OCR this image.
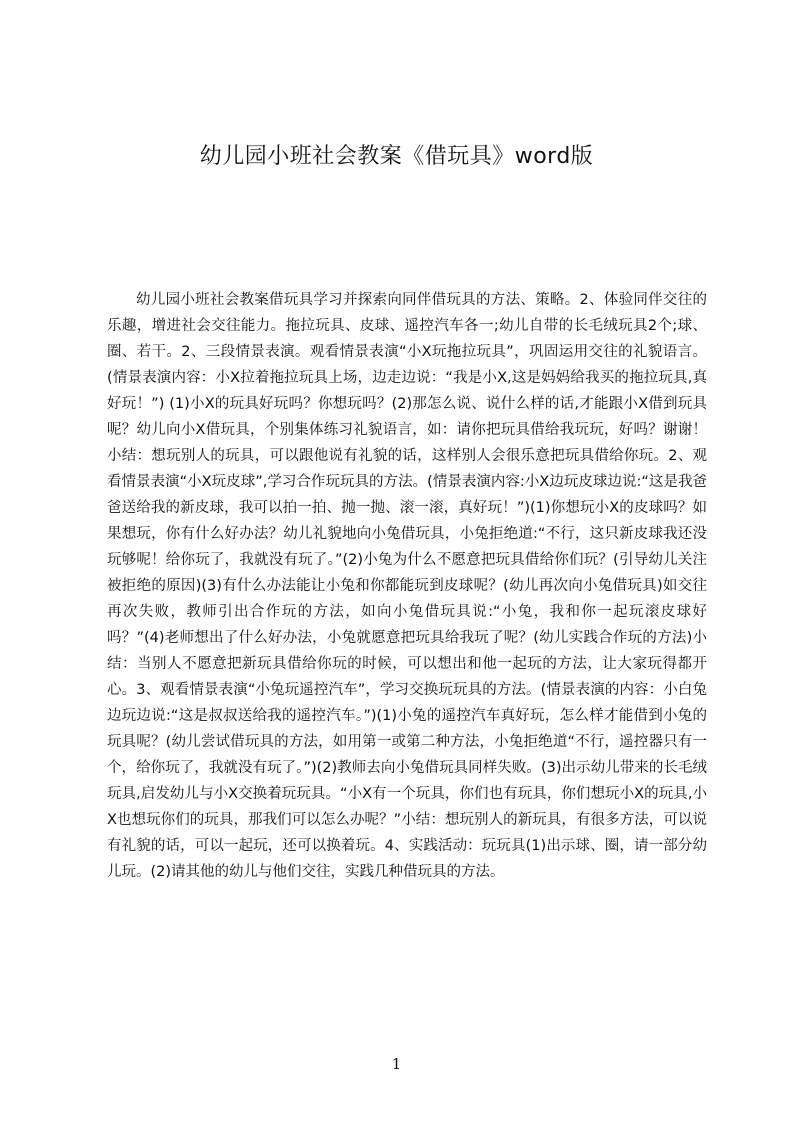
幼儿园小班社会教案《借玩具》word版
幼儿园小班社会教案借玩具学习并探索向同伴借玩具的方法、策略。2、体验同伴交往的乐趣，增进社会交往能力。拖拉玩具、皮球、遥控汽车各一;幼儿自带的长毛绒玩具2个;球、圈、若干。2、三段情景表演。观看情景表演“小X玩拖拉玩具”，巩固运用交往的礼貌语言。(情景表演内容：小X拉着拖拉玩具上场，边走边说：“我是小X,这是妈妈给我买的拖拉玩具,真好玩！”) (1)小X的玩具好玩吗？你想玩吗？(2)那怎么说、说什么样的话,才能跟小X借到玩具呢？幼儿向小X借玩具，个别集体练习礼貌语言，如：请你把玩具借给我玩玩，好吗？谢谢！小结：想玩别人的玩具，可以跟他说有礼貌的话，这样别人会很乐意把玩具借给你玩。2、观看情景表演“小X玩皮球”,学习合作玩玩具的方法。(情景表演内容:小X边玩皮球边说:“这是我爸爸送给我的新皮球，我可以拍一拍、抛一抛、滚一滚，真好玩！”)(1)你想玩小X的皮球吗？如果想玩，你有什么好办法？幼儿礼貌地向小兔借玩具，小兔拒绝道:“不行，这只新皮球我还没玩够呢！给你玩了，我就没有玩了。”(2)小兔为什么不愿意把玩具借给你们玩？(引导幼儿关注被拒绝的原因)(3)有什么办法能让小兔和你都能玩到皮球呢？(幼儿再次向小兔借玩具)如交往再次失败，教师引出合作玩的方法，如向小兔借玩具说:“小兔，我和你一起玩滚皮球好吗？”(4)老师想出了什么好办法，小兔就愿意把玩具给我玩了呢？(幼儿实践合作玩的方法)小结：当别人不愿意把新玩具借给你玩的时候，可以想出和他一起玩的方法，让大家玩得都开心。3、观看情景表演“小兔玩遥控汽车”，学习交换玩玩具的方法。(情景表演的内容：小白兔边玩边说:“这是叔叔送给我的遥控汽车。”)(1)小兔的遥控汽车真好玩，怎么样才能借到小兔的玩具呢？(幼儿尝试借玩具的方法，如用第一或第二种方法，小兔拒绝道“不行，遥控器只有一个，给你玩了，我就没有玩了。”)(2)教师去向小兔借玩具同样失败。(3)出示幼儿带来的长毛绒玩具,启发幼儿与小X交换着玩玩具。“小X有一个玩具，你们也有玩具，你们想玩小X的玩具,小X也想玩你们的玩具，那我们可以怎么办呢？”小结：想玩别人的新玩具，有很多方法，可以说有礼貌的话，可以一起玩，还可以换着玩。4、实践活动：玩玩具(1)出示球、圈，请一部分幼儿玩。(2)请其他的幼儿与他们交往，实践几种借玩具的方法。
1
